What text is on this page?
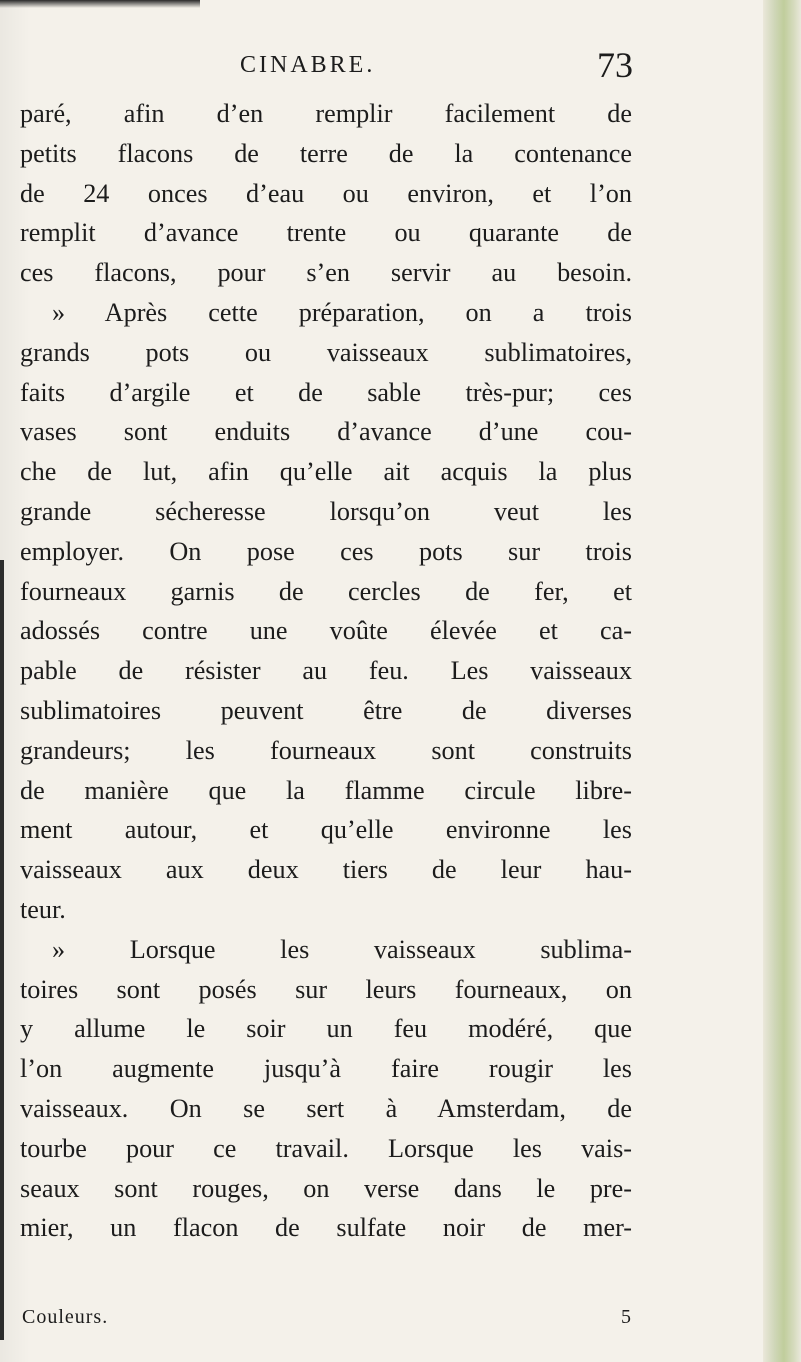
CINABRE.	73
paré, afin d’en remplir facilement de
petits flacons de terre de la contenance
de 24 onces d’eau ou environ, et l’on
remplit d’avance trente ou quarante de
ces flacons, pour s’en servir au besoin.
» Après cette préparation, on a trois
grands pots ou vaisseaux sublimatoires,
faits d’argile et de sable très-pur; ces
vases sont enduits d’avance d’une cou-
che de lut, afin qu’elle ait acquis la plus
grande sécheresse lorsqu’on veut les
employer. On pose ces pots sur trois
fourneaux garnis de cercles de fer, et
adossés contre une voûte élevée et ca-
pable de résister au feu. Les vaisseaux
sublimatoires peuvent être de diverses
grandeurs; les fourneaux sont construits
de manière que la flamme circule libre-
ment autour, et qu’elle environne les
vaisseaux aux deux tiers de leur hau-
teur.
» Lorsque les vaisseaux sublima-
toires sont posés sur leurs fourneaux, on
y allume le soir un feu modéré, que
l’on augmente jusqu’à faire rougir les
vaisseaux. On se sert à Amsterdam, de
tourbe pour ce travail. Lorsque les vais-
seaux sont rouges, on verse dans le pre-
mier, un flacon de sulfate noir de mer-
Couleurs.	5
